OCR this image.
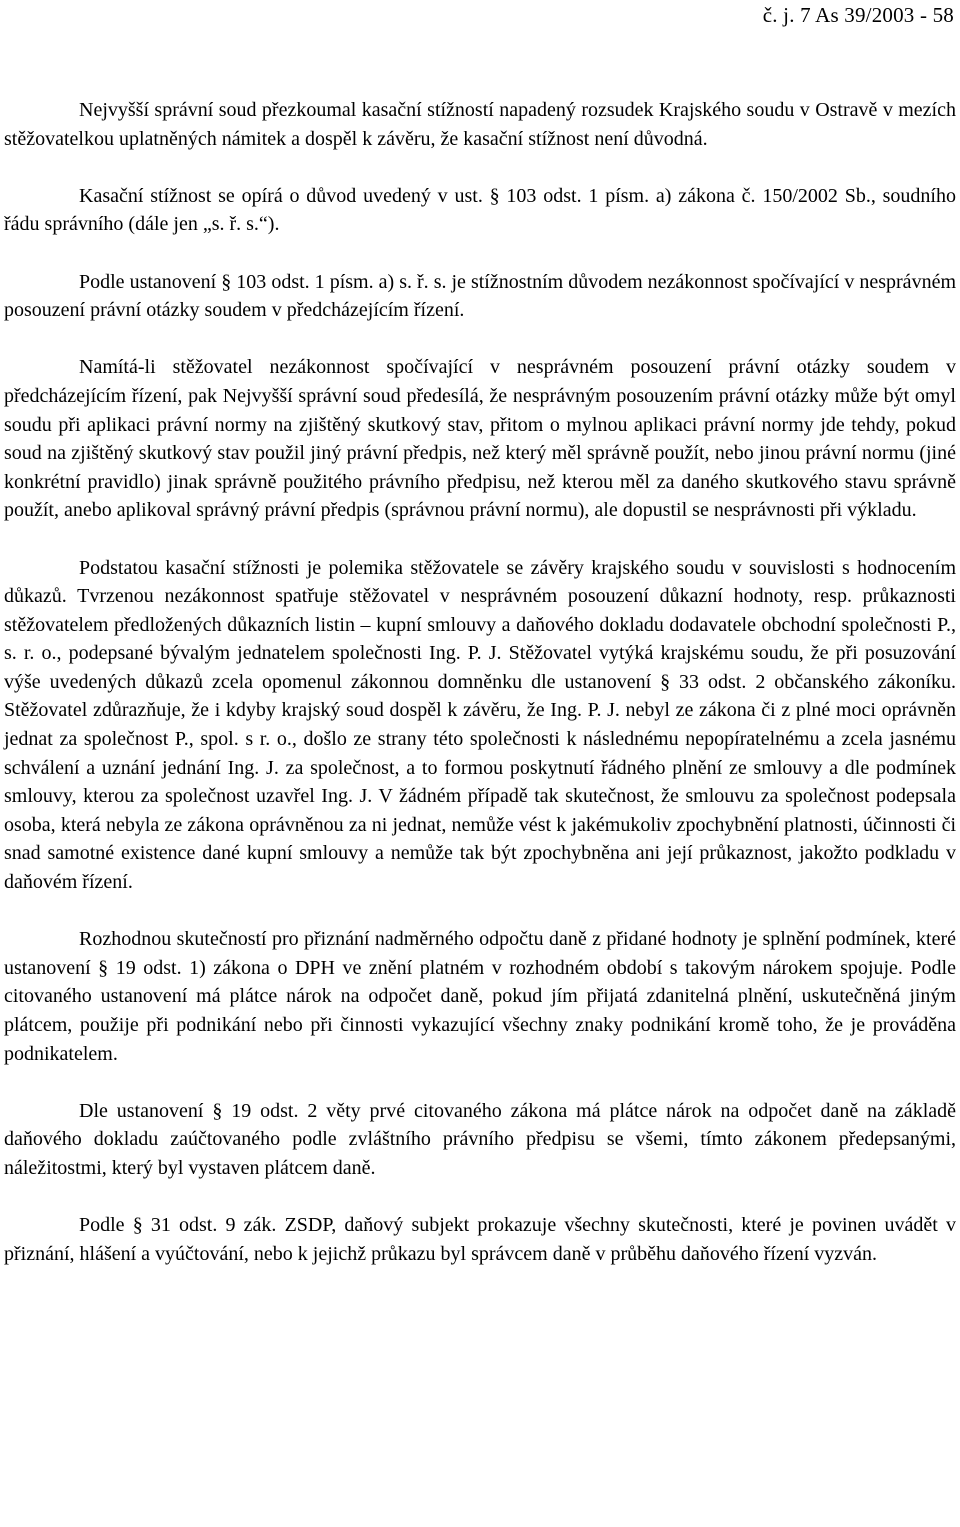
č. j. 7 As 39/2003 - 58

Nejvyšší správní soud přezkoumal kasační stížností napadený rozsudek Krajského soudu v Ostravě v mezích stěžovatelkou uplatněných námitek a dospěl k závěru, že kasační stížnost není důvodná.

Kasační stížnost se opírá o důvod uvedený v ust. § 103 odst. 1 písm. a) zákona č. 150/2002 Sb., soudního řádu správního (dále jen „s. ř. s.“).

Podle ustanovení § 103 odst. 1 písm. a) s. ř. s. je stížnostním důvodem nezákonnost spočívající v nesprávném posouzení právní otázky soudem v předcházejícím řízení.

Namítá-li stěžovatel nezákonnost spočívající v nesprávném posouzení právní otázky soudem v předcházejícím řízení, pak Nejvyšší správní soud předesílá, že nesprávným posouzením právní otázky může být omyl soudu při aplikaci právní normy na zjištěný skutkový stav, přitom o mylnou aplikaci právní normy jde tehdy, pokud soud na zjištěný skutkový stav použil jiný právní předpis, než který měl správně použít, nebo jinou právní normu (jiné konkrétní pravidlo) jinak správně použitého právního předpisu, než kterou měl za daného skutkového stavu správně použít, anebo aplikoval správný právní předpis (správnou právní normu), ale dopustil se nesprávnosti při výkladu.

Podstatou kasační stížnosti je polemika stěžovatele se závěry krajského soudu v souvislosti s hodnocením důkazů. Tvrzenou nezákonnost spatřuje stěžovatel v nesprávném posouzení důkazní hodnoty, resp. průkaznosti stěžovatelem předložených důkazních listin – kupní smlouvy a daňového dokladu dodavatele obchodní společnosti P., s. r. o., podepsané bývalým jednatelem společnosti Ing. P. J. Stěžovatel vytýká krajskému soudu, že při posuzování výše uvedených důkazů zcela opomenul zákonnou domněnku dle ustanovení § 33 odst. 2 občanského zákoníku. Stěžovatel zdůrazňuje, že i kdyby krajský soud dospěl k závěru, že Ing. P. J. nebyl ze zákona či z plné moci oprávněn jednat za společnost P., spol. s r. o., došlo ze strany této společnosti k následnému nepopíratelnému a zcela jasnému schválení a uznání jednání Ing. J. za společnost, a to formou poskytnutí řádného plnění ze smlouvy a dle podmínek smlouvy, kterou za společnost uzavřel Ing. J. V žádném případě tak skutečnost, že smlouvu za společnost podepsala osoba, která nebyla ze zákona oprávněnou za ni jednat, nemůže vést k jakémukoliv zpochybnění platnosti, účinnosti či snad samotné existence dané kupní smlouvy a nemůže tak být zpochybněna ani její průkaznost, jakožto podkladu v daňovém řízení.

Rozhodnou skutečností pro přiznání nadměrného odpočtu daně z přidané hodnoty je splnění podmínek, které ustanovení § 19 odst. 1) zákona o DPH ve znění platném v rozhodném období s takovým nárokem spojuje. Podle citovaného ustanovení má plátce nárok na odpočet daně, pokud jím přijatá zdanitelná plnění, uskutečněná jiným plátcem, použije při podnikání nebo při činnosti vykazující všechny znaky podnikání kromě toho, že je prováděna podnikatelem.

Dle ustanovení § 19 odst. 2 věty prvé citovaného zákona má plátce nárok na odpočet daně na základě daňového dokladu zaúčtovaného podle zvláštního právního předpisu se všemi, tímto zákonem předepsanými, náležitostmi, který byl vystaven plátcem daně.

Podle § 31 odst. 9 zák. ZSDP, daňový subjekt prokazuje všechny skutečnosti, které je povinen uvádět v přiznání, hlášení a vyúčtování, nebo k jejichž průkazu byl správcem daně v průběhu daňového řízení vyzván.
